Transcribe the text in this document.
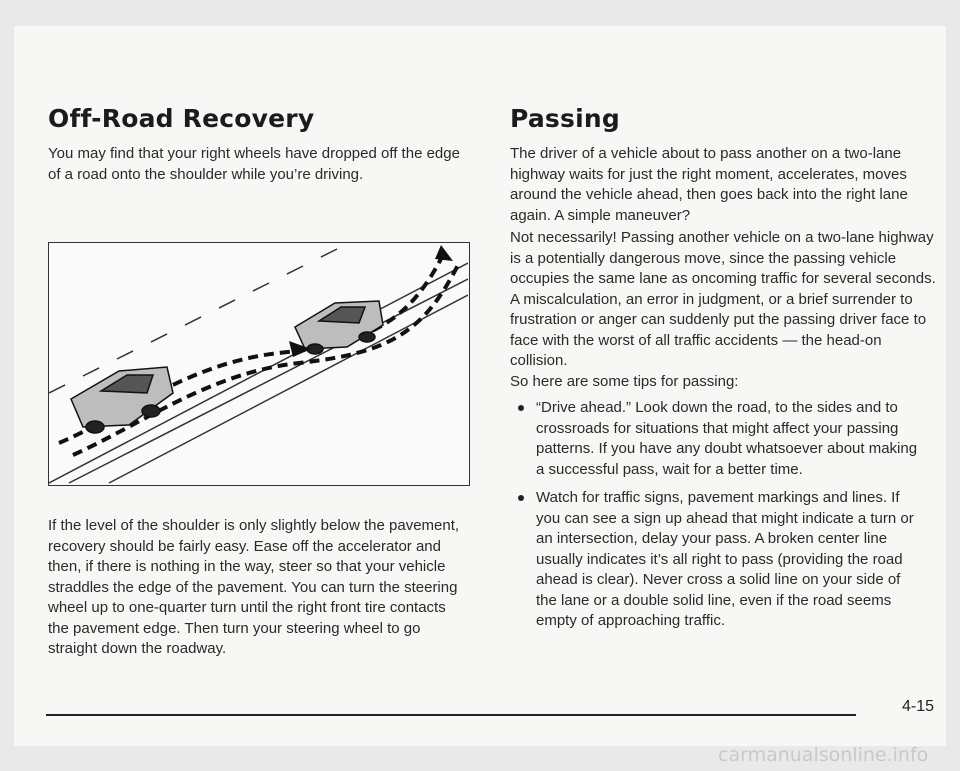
Off-Road Recovery

You may find that your right wheels have dropped off the edge of a road onto the shoulder while you’re driving.

If the level of the shoulder is only slightly below the pavement, recovery should be fairly easy. Ease off the accelerator and then, if there is nothing in the way, steer so that your vehicle straddles the edge of the pavement. You can turn the steering wheel up to one-quarter turn until the right front tire contacts the pavement edge. Then turn your steering wheel to go straight down the roadway.

Passing

The driver of a vehicle about to pass another on a two-lane highway waits for just the right moment, accelerates, moves around the vehicle ahead, then goes back into the right lane again. A simple maneuver?

Not necessarily! Passing another vehicle on a two-lane highway is a potentially dangerous move, since the passing vehicle occupies the same lane as oncoming traffic for several seconds. A miscalculation, an error in judgment, or a brief surrender to frustration or anger can suddenly put the passing driver face to face with the worst of all traffic accidents — the head-on collision.

So here are some tips for passing:

“Drive ahead.” Look down the road, to the sides and to crossroads for situations that might affect your passing patterns. If you have any doubt whatsoever about making a successful pass, wait for a better time.
Watch for traffic signs, pavement markings and lines. If you can see a sign up ahead that might indicate a turn or an intersection, delay your pass. A broken center line usually indicates it’s all right to pass (providing the road ahead is clear). Never cross a solid line on your side of the lane or a double solid line, even if the road seems empty of approaching traffic.
4-15
carmanualsonline.info
